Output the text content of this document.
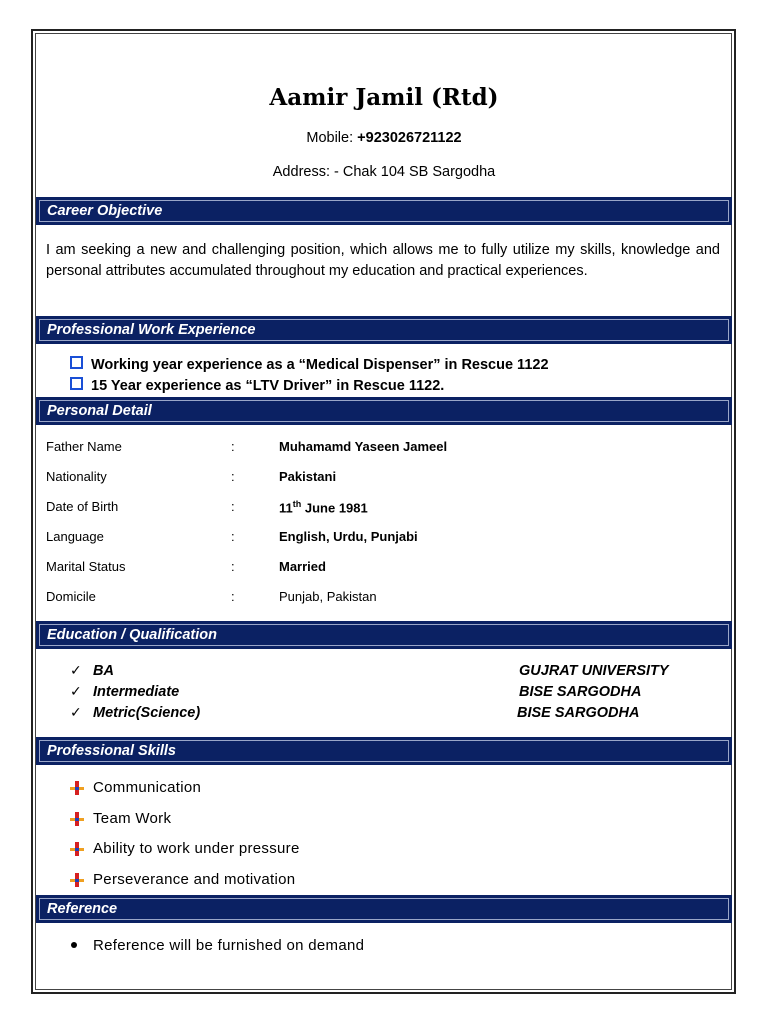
Aamir Jamil (Rtd)
Mobile: +923026721122
Address: - Chak 104 SB Sargodha
Career Objective
I am seeking a new and challenging position, which allows me to fully utilize my skills, knowledge and personal attributes accumulated throughout my education and practical experiences.
Professional Work Experience
Working year experience as a “Medical Dispenser” in Rescue 1122
15 Year experience as “LTV Driver” in Rescue 1122.
Personal Detail
Father Name	:	Muhamamd Yaseen Jameel
Nationality	:	Pakistani
Date of Birth	:	11th June 1981
Language	:	English, Urdu, Punjabi
Marital Status	:	Married
Domicile	:	Punjab, Pakistan
Education / Qualification
✓ BA	GUJRAT UNIVERSITY
✓ Intermediate	BISE SARGODHA
✓ Metric(Science)	BISE SARGODHA
Professional Skills
Communication
Team Work
Ability to work under pressure
Perseverance and motivation
Reference
Reference will be furnished on demand
